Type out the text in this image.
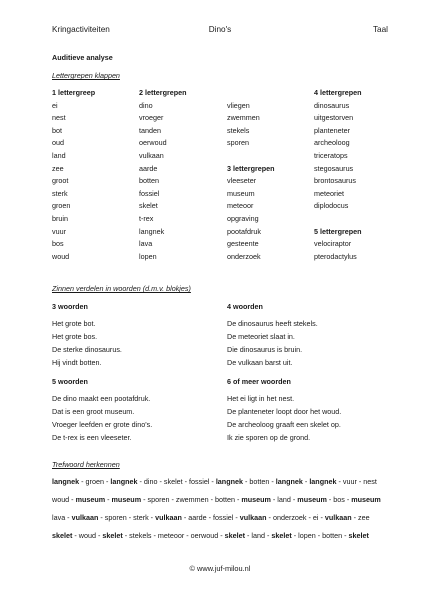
Kringactiviteiten	Dino's	Taal
Auditieve analyse
Lettergrepen klappen
1 lettergreep
ei
nest
bot
oud
land
zee
groot
sterk
groen
bruin
vuur
bos
woud
2 lettergrepen
dino
vroeger
tanden
oerwoud
vulkaan
aarde
botten
fossiel
skelet
t-rex
langnek
lava
lopen
vliegen
zwemmen
stekels
sporen
3 lettergrepen
vleeseter
museum
meteoor
opgraving
pootafdruk
gesteente
onderzoek
4 lettergrepen
dinosaurus
uitgestorven
planteneter
archeoloog
triceratops
stegosaurus
brontosaurus
meteoriet
diplodocus
5 lettergrepen
velociraptor
pterodactylus
Zinnen verdelen in woorden (d.m.v. blokjes)
3 woorden
Het grote bot.
Het grote bos.
De sterke dinosaurus.
Hij vindt botten.
4 woorden
De dinosaurus heeft stekels.
De meteoriet slaat in.
Die dinosaurus is bruin.
De vulkaan barst uit.
5 woorden
De dino maakt een pootafdruk.
Dat is een groot museum.
Vroeger leefden er grote dino's.
De t-rex is een vleeseter.
6 of meer woorden
Het ei ligt in het nest.
De planteneter loopt door het woud.
De archeoloog graaft een skelet op.
Ik zie sporen op de grond.
Trefwoord herkennen
langnek - groen - langnek - dino - skelet - fossiel - langnek - botten - langnek - langnek - vuur - nest
woud - museum - museum - sporen - zwemmen - botten - museum - land - museum - bos - museum
lava - vulkaan - sporen - sterk - vulkaan - aarde - fossiel - vulkaan - onderzoek - ei - vulkaan - zee
skelet - woud - skelet - stekels - meteoor - oerwoud - skelet - land - skelet - lopen - botten - skelet
© www.juf-milou.nl
